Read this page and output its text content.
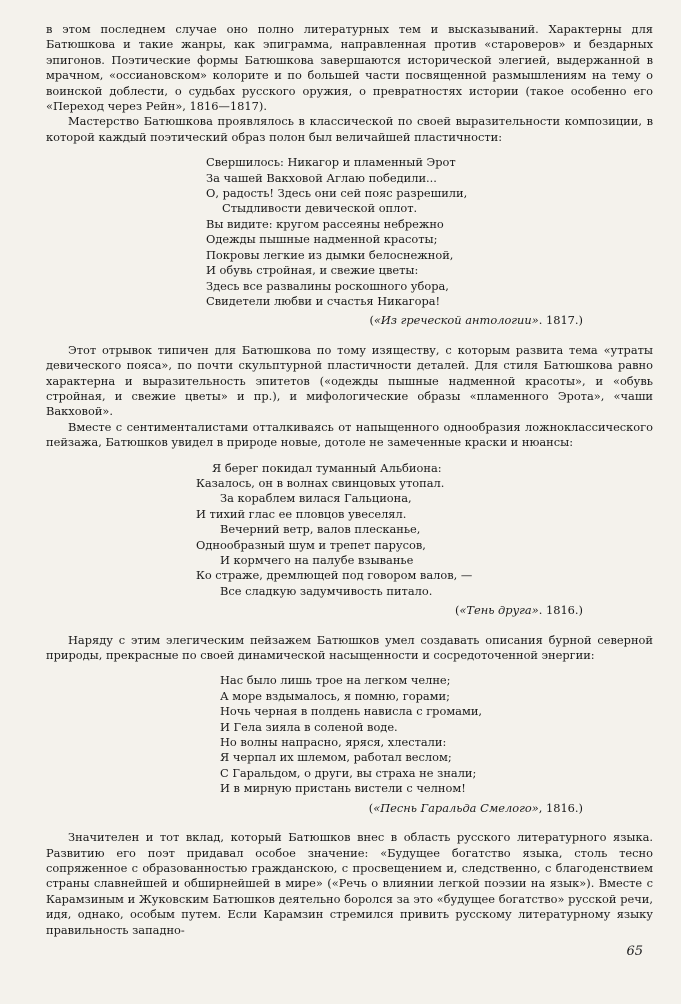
в этом последнем случае оно полно литературных тем и высказываний. Характерны для Батюшкова и такие жанры, как эпиграмма, направленная против «староверов» и бездарных эпигонов. Поэтические формы Батюшкова завершаются исторической элегией, выдержанной в мрачном, «оссиановском» колорите и по большей части посвященной размышлениям на тему о воинской доблести, о судьбах русского оружия, о превратностях истории (такое особенно его «Переход через Рейн», 1816—1817).

Мастерство Батюшкова проявлялось в классической по своей выразительности композиции, в которой каждый поэтический образ полон был величайшей пластичности:

Свершилось: Никагор и пламенный Эрот
За чашей Вакховой Аглаю победили...
О, радость! Здесь они сей пояс разрешили,
Стыдливости девической оплот.
Вы видите: кругом рассеяны небрежно
Одежды пышные надменной красоты;
Покровы легкие из дымки белоснежной,
И обувь стройная, и свежие цветы:
Здесь все развалины роскошного убора,
Свидетели любви и счастья Никагора!
(«Из греческой антологии». 1817.)

Этот отрывок типичен для Батюшкова по тому изяществу, с которым развита тема «утраты девического пояса», по почти скульптурной пластичности деталей. Для стиля Батюшкова равно характерна и выразительность эпитетов («одежды пышные надменной красоты», и «обувь стройная, и свежие цветы» и пр.), и мифологические образы «пламенного Эрота», «чаши Вакховой».

Вместе с сентименталистами отталкиваясь от напыщенного однообразия ложноклассического пейзажа, Батюшков увидел в природе новые, дотоле не замеченные краски и нюансы:

Я берег покидал туманный Альбиона:
Казалось, он в волнах свинцовых утопал.
За кораблем вилася Гальциона,
И тихий глас ее пловцов увеселял.
Вечерний ветр, валов плесканье,
Однообразный шум и трепет парусов,
И кормчего на палубе взыванье
Ко страже, дремлющей под говором валов, —
Все сладкую задумчивость питало.
(«Тень друга». 1816.)

Наряду с этим элегическим пейзажем Батюшков умел создавать описания бурной северной природы, прекрасные по своей динамической насыщенности и сосредоточенной энергии:

Нас было лишь трое на легком челне;
А море вздымалось, я помню, горами;
Ночь черная в полдень нависла с громами,
И Гела зияла в соленой воде.
Но волны напрасно, яряся, хлестали:
Я черпал их шлемом, работал веслом;
С Гаральдом, о други, вы страха не знали;
И в мирную пристань вистели с челном!
(«Песнь Гаральда Смелого», 1816.)

Значителен и тот вклад, который Батюшков внес в область русского литературного языка. Развитию его поэт придавал особое значение: «Будущее богатство языка, столь тесно сопряженное с образованностью гражданскою, с просвещением и, следственно, с благоденствием страны славнейшей и обширнейшей в мире» («Речь о влиянии легкой поэзии на язык»). Вместе с Карамзиным и Жуковским Батюшков деятельно боролся за это «будущее богатство» русской речи, идя, однако, особым путем. Если Карамзин стремился привить русскому литературному языку правильность западно-

65
